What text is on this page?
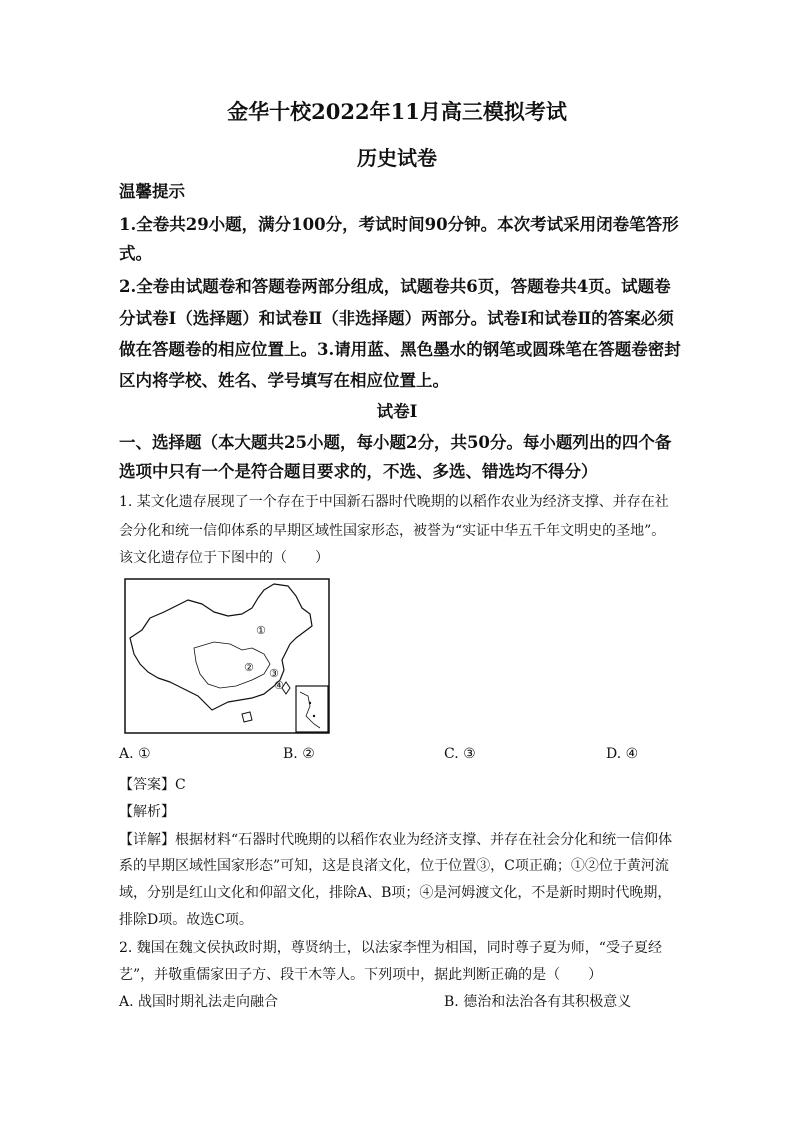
金华十校2022年11月高三模拟考试
历史试卷
温馨提示
1.全卷共29小题，满分100分，考试时间90分钟。本次考试采用闭卷笔答形
式。
2.全卷由试题卷和答题卷两部分组成，试题卷共6页，答题卷共4页。试题卷
分试卷Ⅰ（选择题）和试卷Ⅱ（非选择题）两部分。试卷Ⅰ和试卷Ⅱ的答案必须
做在答题卷的相应位置上。3.请用蓝、黑色墨水的钢笔或圆珠笔在答题卷密封
区内将学校、姓名、学号填写在相应位置上。
试卷Ⅰ
一、选择题（本大题共25小题，每小题2分，共50分。每小题列出的四个备
选项中只有一个是符合题目要求的，不选、多选、错选均不得分）
1. 某文化遗存展现了一个存在于中国新石器时代晚期的以稻作农业为经济支撑、并存在社
会分化和统一信仰体系的早期区域性国家形态，被誉为“实证中华五千年文明史的圣地”。
该文化遗存位于下图中的（　　）
①
② ③
④
A. ①	B. ②	C. ③	D. ④
【答案】C
【解析】
【详解】根据材料“石器时代晚期的以稻作农业为经济支撑、并存在社会分化和统一信仰体
系的早期区域性国家形态”可知，这是良渚文化，位于位置③，C项正确；①②位于黄河流
域，分别是红山文化和仰韶文化，排除A、B项；④是河姆渡文化，不是新时期时代晚期，
排除D项。故选C项。
2. 魏国在魏文侯执政时期，尊贤纳士，以法家李悝为相国，同时尊子夏为师，“受子夏经
艺”，并敬重儒家田子方、段干木等人。下列项中，据此判断正确的是（　　）
A. 战国时期礼法走向融合	B. 德治和法治各有其积极意义
